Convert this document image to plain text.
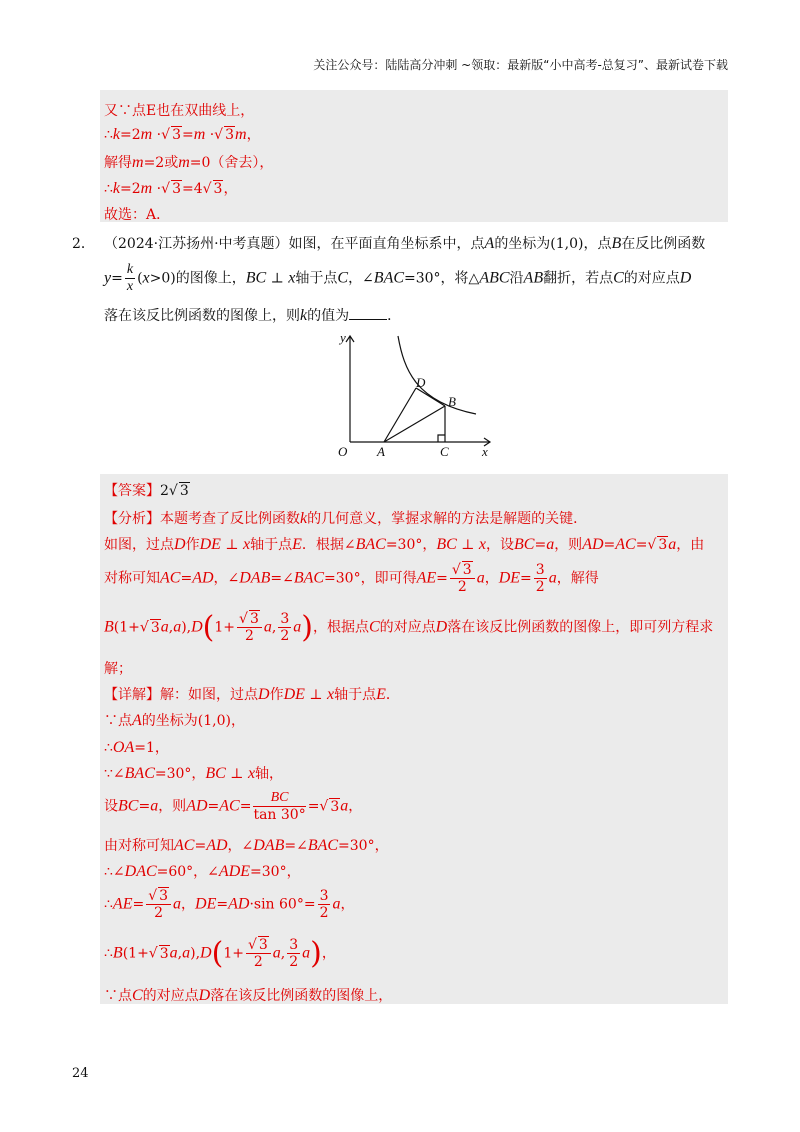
关注公众号：陆陆高分冲刺 ~领取：最新版“小中高考-总复习”、最新试卷下载
又∵点E也在双曲线上，
∴k=2m ·√ 3=m ·√ 3m，
解得m=2或m=0（舍去），
∴k=2m ·√ 3=4√ 3，
故选：A．
2． （2024·江苏扬州·中考真题）如图，在平面直角坐标系中，点A的坐标为(1,0)，点B在反比例函数
$y= \frac{k}{x} (x>0)$的图像上，BC ⊥ x轴于点C，∠BAC=30°，将△ABC沿AB翻折，若点C的对应点D
落在该反比例函数的图像上，则k的值为	．
y
D
B
O A	C	x
【答案】2√ 3
【分析】本题考查了反比例函数k的几何意义，掌握求解的方法是解题的关键．
如图，过点D作DE ⊥ x轴于点E．根据∠BAC=30°，BC ⊥ x，设BC=a，则AD=AC=√ 3a，由
对称可知AC=AD，∠DAB=∠BAC=30°，即可得$AE= \frac{√ 3}{2}$ a，$DE= \frac{3}{2}$ a，解得
B(1+√ $3a,a),D(1+ \frac{√ 3}{2} a$, $\frac{3}{2} a$)，根据点C的对应点D落在该反比例函数的图像上，即可列方程求
解；
【详解】解：如图，过点D作DE ⊥ x轴于点E．
∵点A的坐标为(1,0)，
∴OA=1，
∵∠BAC=30°，BC ⊥ x轴，
设BC=a，则$AD=AC= \frac{BC}{\tan 30^\circ}$ =√ 3a，
由对称可知AC=AD，∠DAB=∠BAC=30°，
∴∠DAC=60°，∠ADE=30°，
∴AE= $\frac{√ 3}{2}$ a，DE=AD·sin $60^\circ= \frac{3}{2}$ a，
∴B(1+√ $3a,a),D(1+ \frac{√ 3}{2} a$, $\frac{3}{2} a$)，
∵点C的对应点D落在该反比例函数的图像上，
24
